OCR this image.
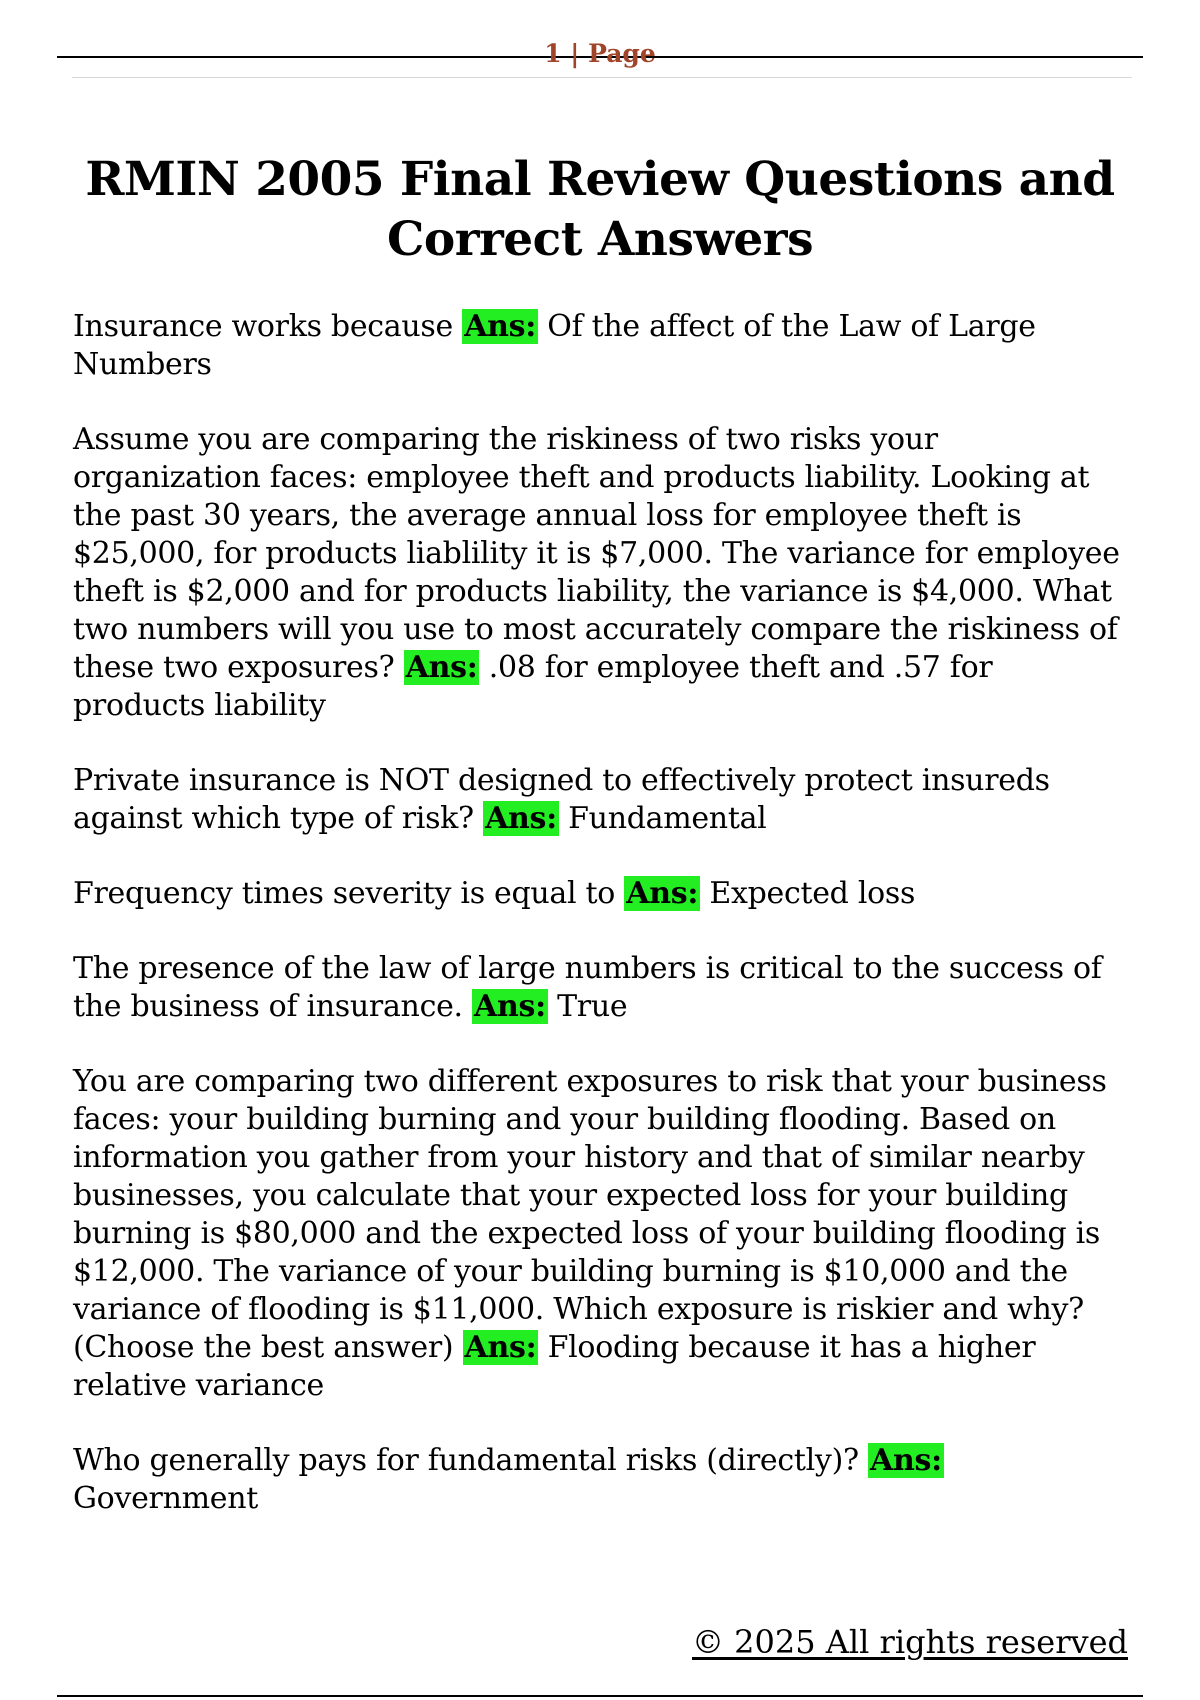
1 | Page
RMIN 2005 Final Review Questions and Correct Answers

Insurance works because Ans: Of the affect of the Law of Large Numbers

Assume you are comparing the riskiness of two risks your organization faces: employee theft and products liability. Looking at the past 30 years, the average annual loss for employee theft is $25,000, for products liablility it is $7,000. The variance for employee theft is $2,000 and for products liability, the variance is $4,000. What two numbers will you use to most accurately compare the riskiness of these two exposures? Ans: .08 for employee theft and .57 for products liability

Private insurance is NOT designed to effectively protect insureds against which type of risk? Ans: Fundamental

Frequency times severity is equal to Ans: Expected loss

The presence of the law of large numbers is critical to the success of the business of insurance. Ans: True

You are comparing two different exposures to risk that your business faces: your building burning and your building flooding. Based on information you gather from your history and that of similar nearby businesses, you calculate that your expected loss for your building burning is $80,000 and the expected loss of your building flooding is $12,000. The variance of your building burning is $10,000 and the variance of flooding is $11,000. Which exposure is riskier and why? (Choose the best answer) Ans: Flooding because it has a higher relative variance

Who generally pays for fundamental risks (directly)? Ans: Government

© 2025 All rights reserved
